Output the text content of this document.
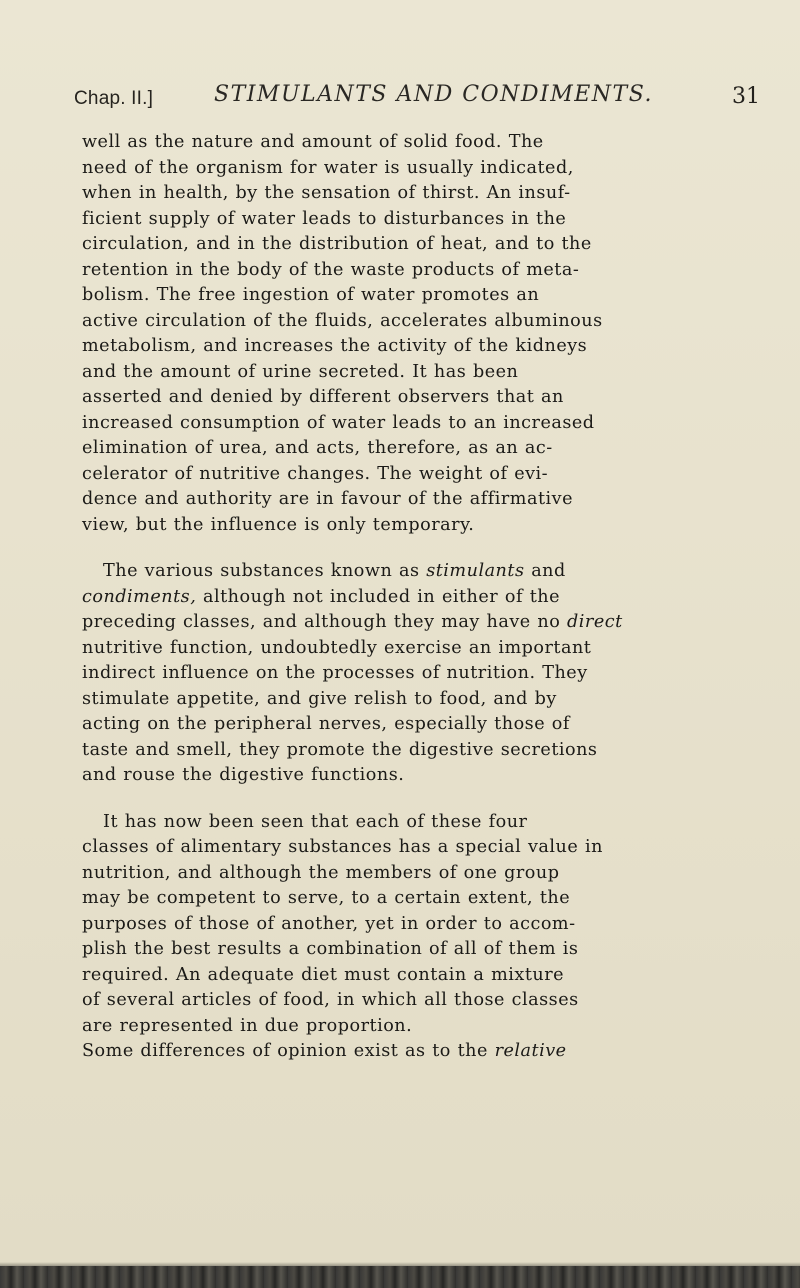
Chap. II.]	STIMULANTS AND CONDIMENTS.	31
well as the nature and amount of solid food. The
need of the organism for water is usually indicated,
when in health, by the sensation of thirst. An insuf-
ficient supply of water leads to disturbances in the
circulation, and in the distribution of heat, and to the
retention in the body of the waste products of meta-
bolism. The free ingestion of water promotes an
active circulation of the fluids, accelerates albuminous
metabolism, and increases the activity of the kidneys
and the amount of urine secreted. It has been
asserted and denied by different observers that an
increased consumption of water leads to an increased
elimination of urea, and acts, therefore, as an ac-
celerator of nutritive changes. The weight of evi-
dence and authority are in favour of the affirmative
view, but the influence is only temporary.
The various substances known as stimulants and
condiments, although not included in either of the
preceding classes, and although they may have no direct
nutritive function, undoubtedly exercise an important
indirect influence on the processes of nutrition. They
stimulate appetite, and give relish to food, and by
acting on the peripheral nerves, especially those of
taste and smell, they promote the digestive secretions
and rouse the digestive functions.
It has now been seen that each of these four
classes of alimentary substances has a special value in
nutrition, and although the members of one group
may be competent to serve, to a certain extent, the
purposes of those of another, yet in order to accom-
plish the best results a combination of all of them is
required. An adequate diet must contain a mixture
of several articles of food, in which all those classes
are represented in due proportion.
Some differences of opinion exist as to the relative
